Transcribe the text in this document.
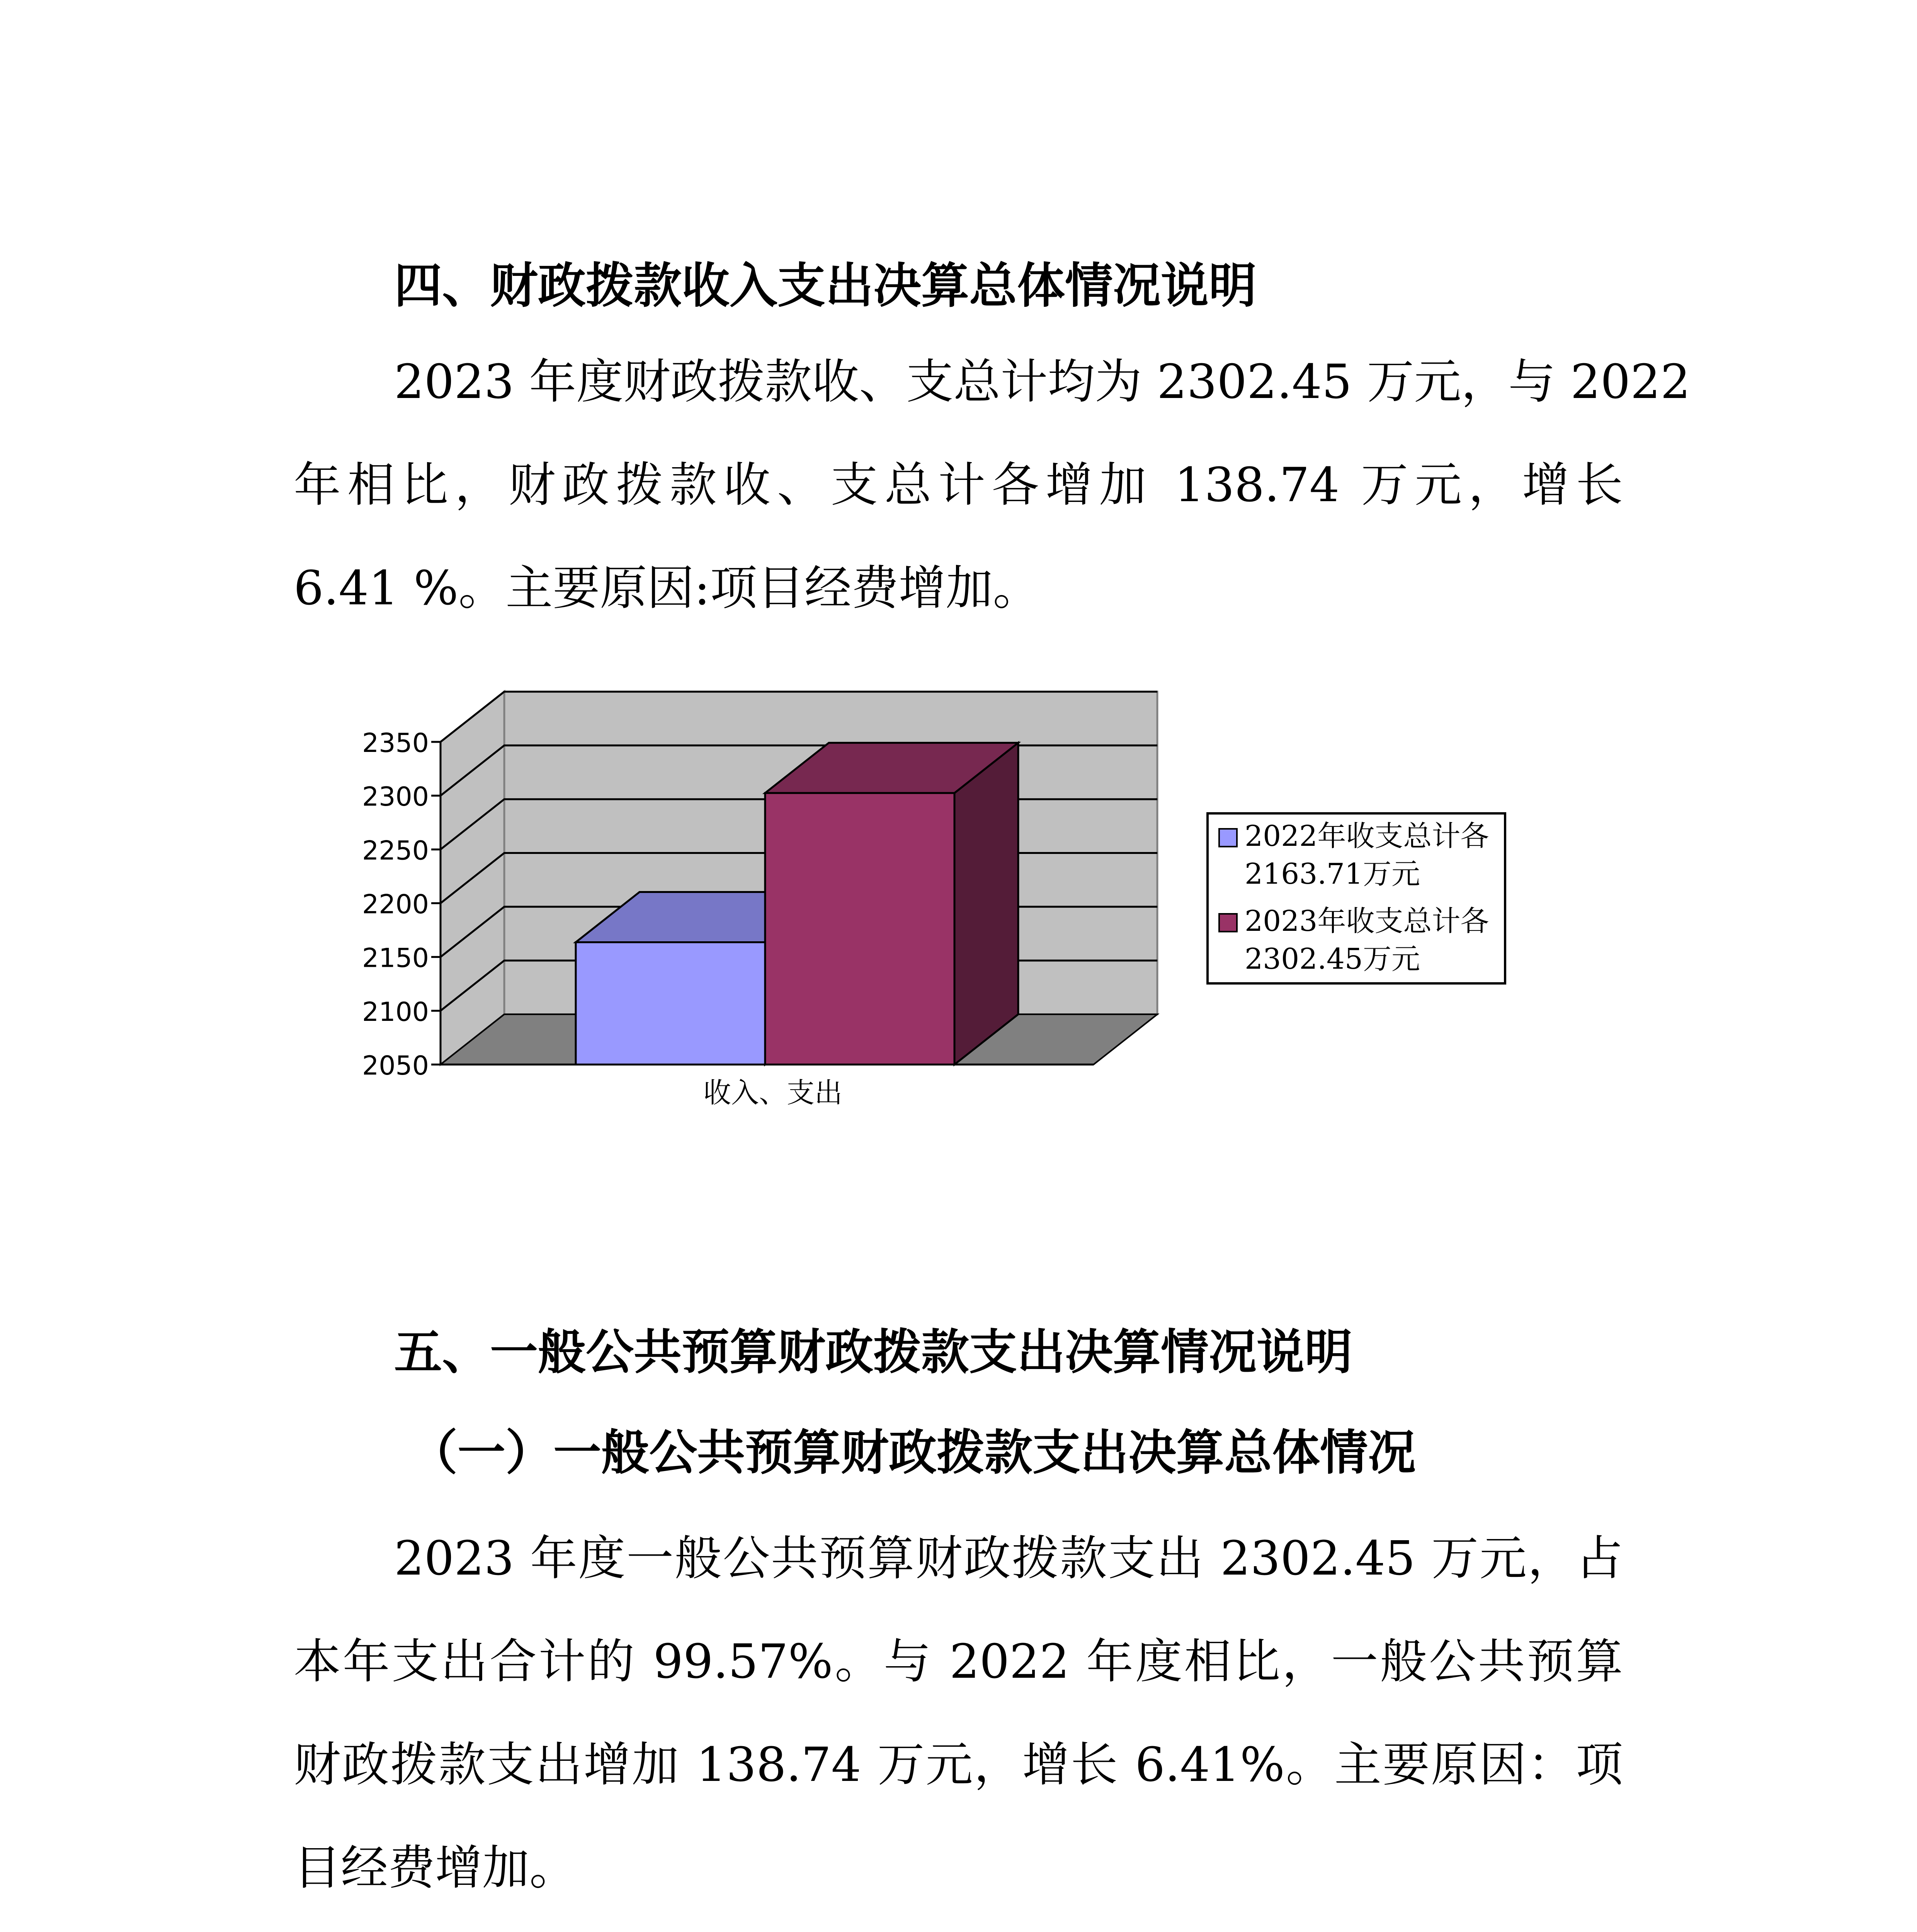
四、财政拨款收入支出决算总体情况说明
2023 年度财政拨款收、支总计均为 2302.45 万元，与 2022
年相比，财政拨款收、支总计各增加 138.74 万元，增长
6.41 %。主要原因:项目经费增加。
2050
2100
2150
2200
2250
2300
2350
收入、支出
2022年收支总计各
2163.71万元
2023年收支总计各
2302.45万元
五、一般公共预算财政拨款支出决算情况说明
（一）一般公共预算财政拨款支出决算总体情况
2023 年度一般公共预算财政拨款支出 2302.45 万元，占
本年支出合计的 99.57%。与 2022 年度相比，一般公共预算
财政拨款支出增加 138.74 万元，增长 6.41%。主要原因：项
目经费增加。
